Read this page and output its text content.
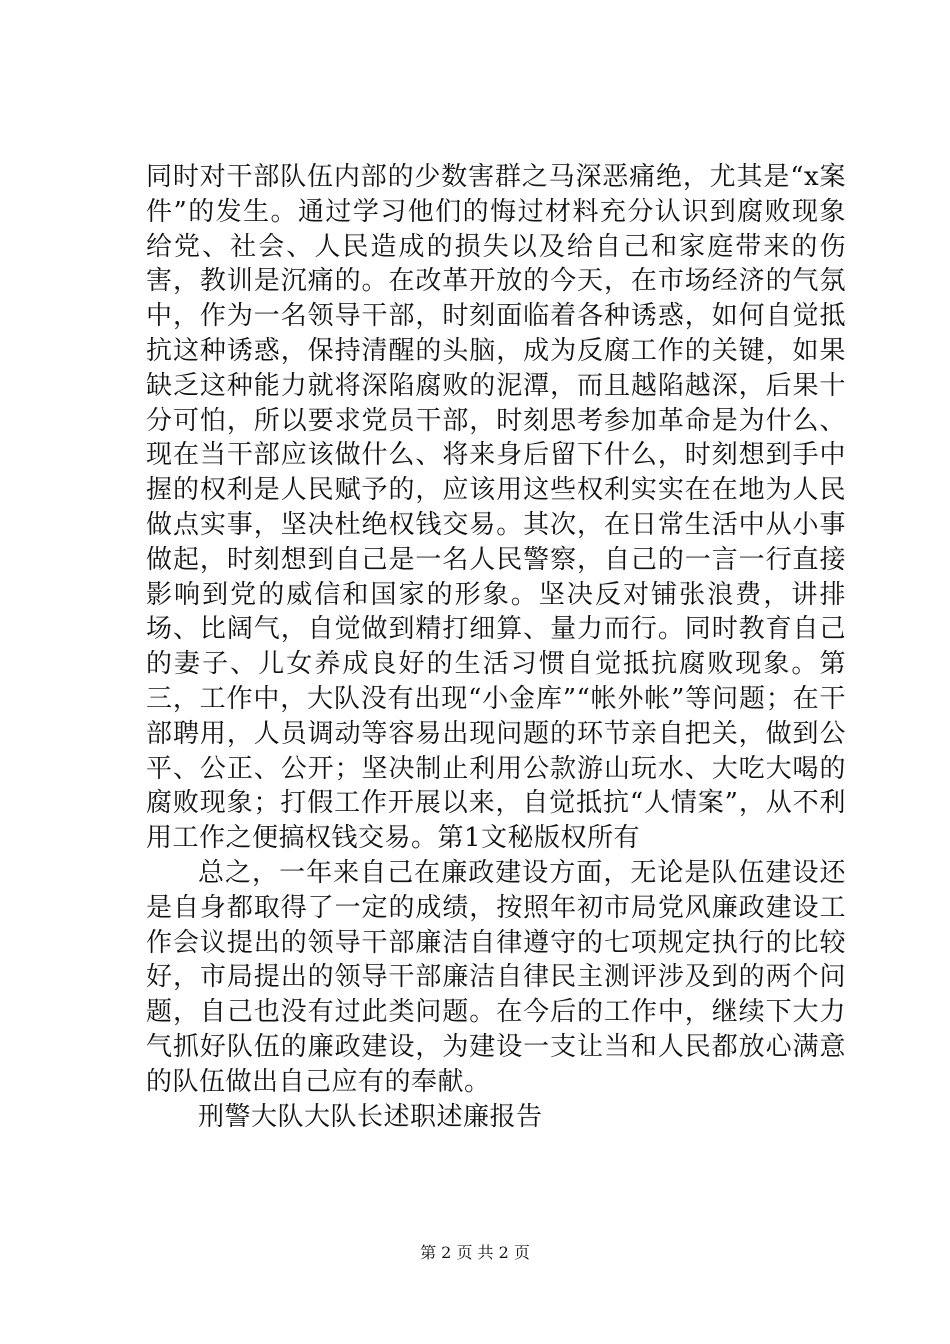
同时对干部队伍内部的少数害群之马深恶痛绝，尤其是“x案件”的发生。通过学习他们的悔过材料充分认识到腐败现象给党、社会、人民造成的损失以及给自己和家庭带来的伤害，教训是沉痛的。在改革开放的今天，在市场经济的气氛中，作为一名领导干部，时刻面临着各种诱惑，如何自觉抵抗这种诱惑，保持清醒的头脑，成为反腐工作的关键，如果缺乏这种能力就将深陷腐败的泥潭，而且越陷越深，后果十分可怕，所以要求党员干部，时刻思考参加革命是为什么、现在当干部应该做什么、将来身后留下什么，时刻想到手中握的权利是人民赋予的，应该用这些权利实实在在地为人民做点实事，坚决杜绝权钱交易。其次，在日常生活中从小事做起，时刻想到自己是一名人民警察，自己的一言一行直接影响到党的威信和国家的形象。坚决反对铺张浪费，讲排场、比阔气，自觉做到精打细算、量力而行。同时教育自己的妻子、儿女养成良好的生活习惯自觉抵抗腐败现象。第三，工作中，大队没有出现“小金库”“帐外帐”等问题；在干部聘用，人员调动等容易出现问题的环节亲自把关，做到公平、公正、公开；坚决制止利用公款游山玩水、大吃大喝的腐败现象；打假工作开展以来，自觉抵抗“人情案”，从不利用工作之便搞权钱交易。第1文秘版权所有

总之，一年来自己在廉政建设方面，无论是队伍建设还是自身都取得了一定的成绩，按照年初市局党风廉政建设工作会议提出的领导干部廉洁自律遵守的七项规定执行的比较好，市局提出的领导干部廉洁自律民主测评涉及到的两个问题，自己也没有过此类问题。在今后的工作中，继续下大力气抓好队伍的廉政建设，为建设一支让当和人民都放心满意的队伍做出自己应有的奉献。

刑警大队大队长述职述廉报告

第 2 页 共 2 页
